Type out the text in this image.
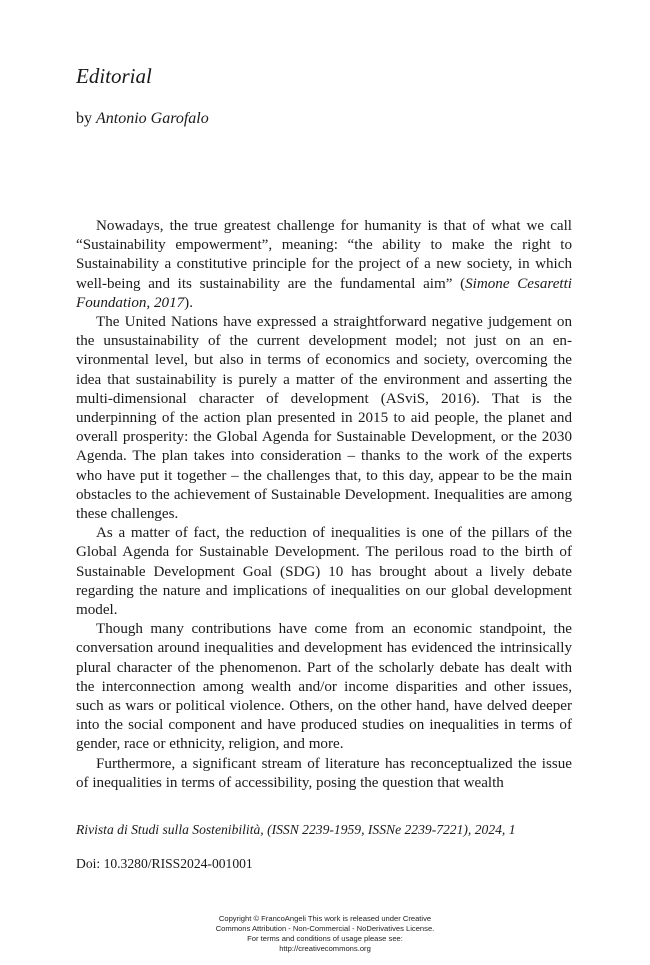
Editorial

by Antonio Garofalo

Nowadays, the true greatest challenge for humanity is that of what we call “Sustainability empowerment”, meaning: “the ability to make the right to Sustainability a constitutive principle for the project of a new society, in which well-being and its sustainability are the fundamental aim” (Simone Cesaretti Foundation, 2017).

The United Nations have expressed a straightforward negative judgement on the unsustainability of the current development model; not just on an environmental level, but also in terms of economics and society, overcoming the idea that sustainability is purely a matter of the environment and asserting the multi-dimensional character of development (ASviS, 2016). That is the underpinning of the action plan presented in 2015 to aid people, the planet and overall prosperity: the Global Agenda for Sustainable Development, or the 2030 Agenda. The plan takes into consideration – thanks to the work of the experts who have put it together – the challenges that, to this day, appear to be the main obstacles to the achievement of Sustainable Development. Inequalities are among these challenges.

As a matter of fact, the reduction of inequalities is one of the pillars of the Global Agenda for Sustainable Development. The perilous road to the birth of Sustainable Development Goal (SDG) 10 has brought about a lively debate regarding the nature and implications of inequalities on our global development model.

Though many contributions have come from an economic standpoint, the conversation around inequalities and development has evidenced the intrinsically plural character of the phenomenon. Part of the scholarly debate has dealt with the interconnection among wealth and/or income disparities and other issues, such as wars or political violence. Others, on the other hand, have delved deeper into the social component and have produced studies on inequalities in terms of gender, race or ethnicity, religion, and more.

Furthermore, a significant stream of literature has reconceptualized the issue of inequalities in terms of accessibility, posing the question that wealth

Rivista di Studi sulla Sostenibilità, (ISSN 2239-1959, ISSNe 2239-7221), 2024, 1
Doi: 10.3280/RISS2024-001001
Copyright © FrancoAngeli This work is released under Creative
Commons Attribution - Non-Commercial - NoDerivatives License.
For terms and conditions of usage please see:
http://creativecommons.org
